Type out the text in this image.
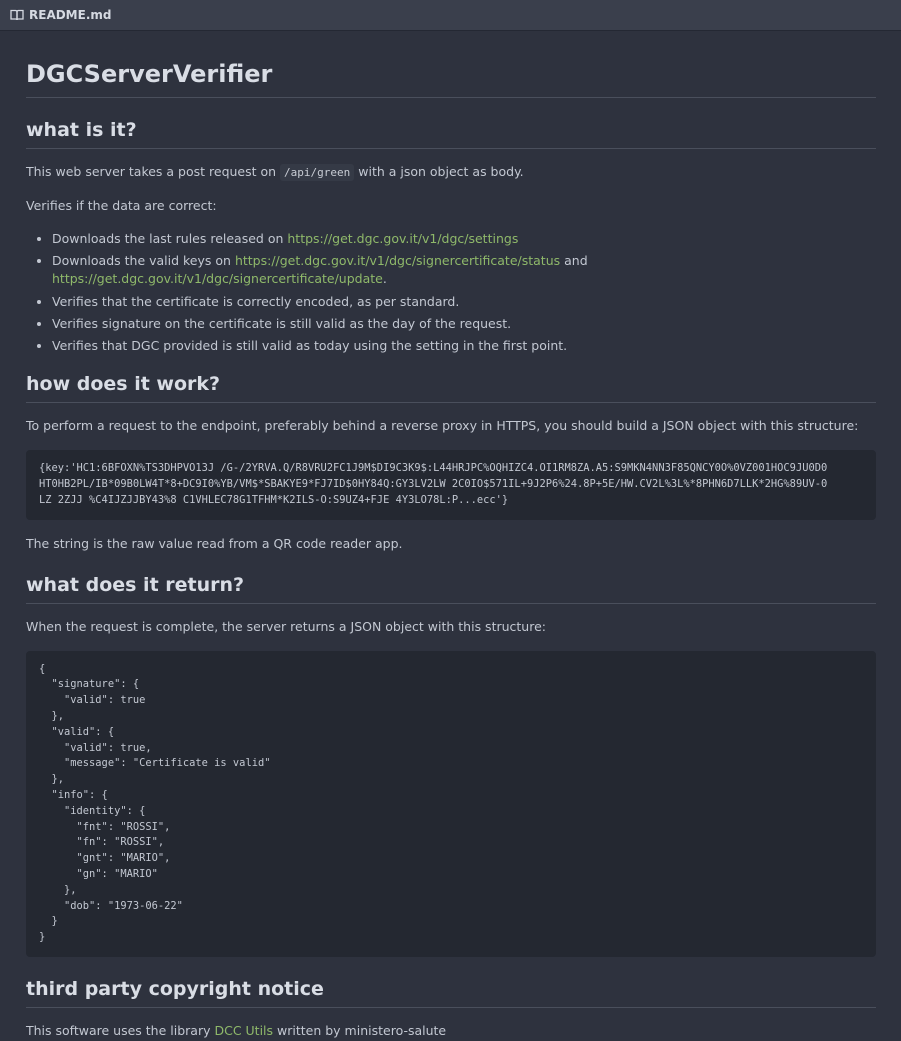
README.md
DGCServerVerifier
what is it?

This web server takes a post request on /api/green with a json object as body.

Verifies if the data are correct:

• Downloads the last rules released on https://get.dgc.gov.it/v1/dgc/settings
• Downloads the valid keys on https://get.dgc.gov.it/v1/dgc/signercertificate/status and https://get.dgc.gov.it/v1/dgc/signercertificate/update.
• Verifies that the certificate is correctly encoded, as per standard.
• Verifies signature on the certificate is still valid as the day of the request.
• Verifies that DGC provided is still valid as today using the setting in the first point.
how does it work?

To perform a request to the endpoint, preferably behind a reverse proxy in HTTPS, you should build a JSON object with this structure:

{key:'HC1:6BFOXN%TS3DHPVO13J /G-/2YRVA.Q/R8VRU2FC1J9M$DI9C3K9$:L44HRJPC%OQHIZC4.OI1RM8ZA.A5:S9MKN4NN3F85QNCY0O%0VZ001HOC9JU0D0
HT0HB2PL/IB*09B0LW4T*8+DC9I0%YB/VM$*SBAKYE9*FJ7ID$0HY84Q:GY3LV2LW 2C0IO$571IL+9J2P6%24.8P+5E/HW.CV2L%3L%*8PHN6D7LLK*2HG%89UV-0
LZ 2ZJJ %C4IJZJJBY43%8 C1VHLEC78G1TFHM*K2ILS-O:S9UZ4+FJE 4Y3LO78L:P...ecc'}

The string is the raw value read from a QR code reader app.

what does it return?

When the request is complete, the server returns a JSON object with this structure:

{
"signature": {
"valid": true
},
"valid": {
"valid": true,
"message": "Certificate is valid"
},
"info": {
"identity": {
"fnt": "ROSSI",
"fn": "ROSSI",
"gnt": "MARIO",
"gn": "MARIO"
},
"dob": "1973-06-22"
}
}
third party copyright notice

This software uses the library DCC Utils written by ministero-salute
